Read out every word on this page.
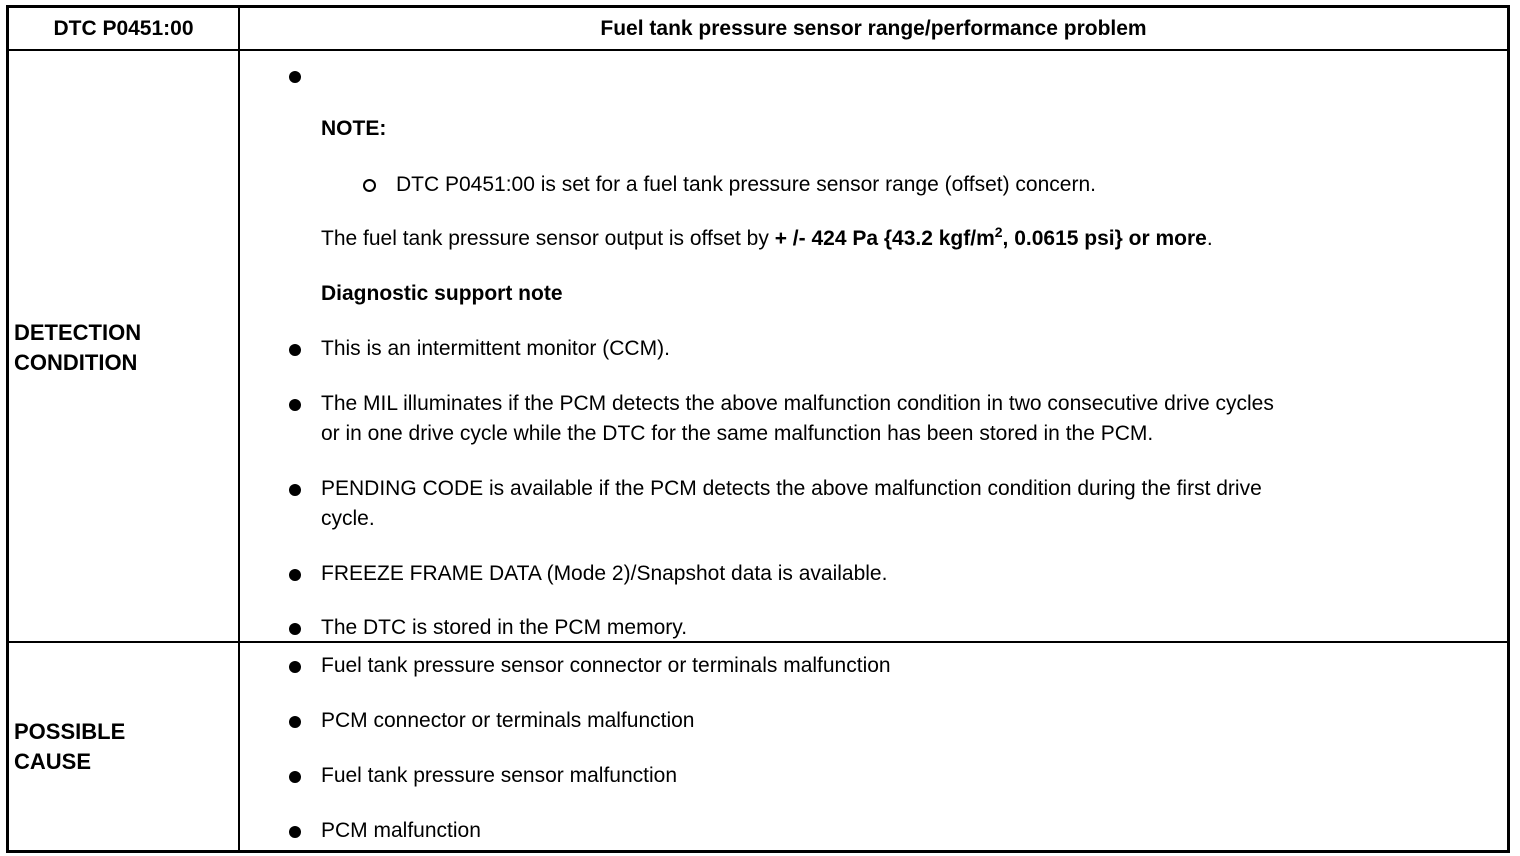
DTC P0451:00	Fuel tank pressure sensor range/performance problem
DETECTION
CONDITION
NOTE:
DTC P0451:00 is set for a fuel tank pressure sensor range (offset) concern.
The fuel tank pressure sensor output is offset by + /- 424 Pa {43.2 kgf/$m^2$, 0.0615 psi} or more.
Diagnostic support note
This is an intermittent monitor (CCM).
The MIL illuminates if the PCM detects the above malfunction condition in two consecutive drive cycles
or in one drive cycle while the DTC for the same malfunction has been stored in the PCM.
PENDING CODE is available if the PCM detects the above malfunction condition during the first drive
cycle.
FREEZE FRAME DATA (Mode 2)/Snapshot data is available.
The DTC is stored in the PCM memory.
POSSIBLE
CAUSE
Fuel tank pressure sensor connector or terminals malfunction
PCM connector or terminals malfunction
Fuel tank pressure sensor malfunction
PCM malfunction
